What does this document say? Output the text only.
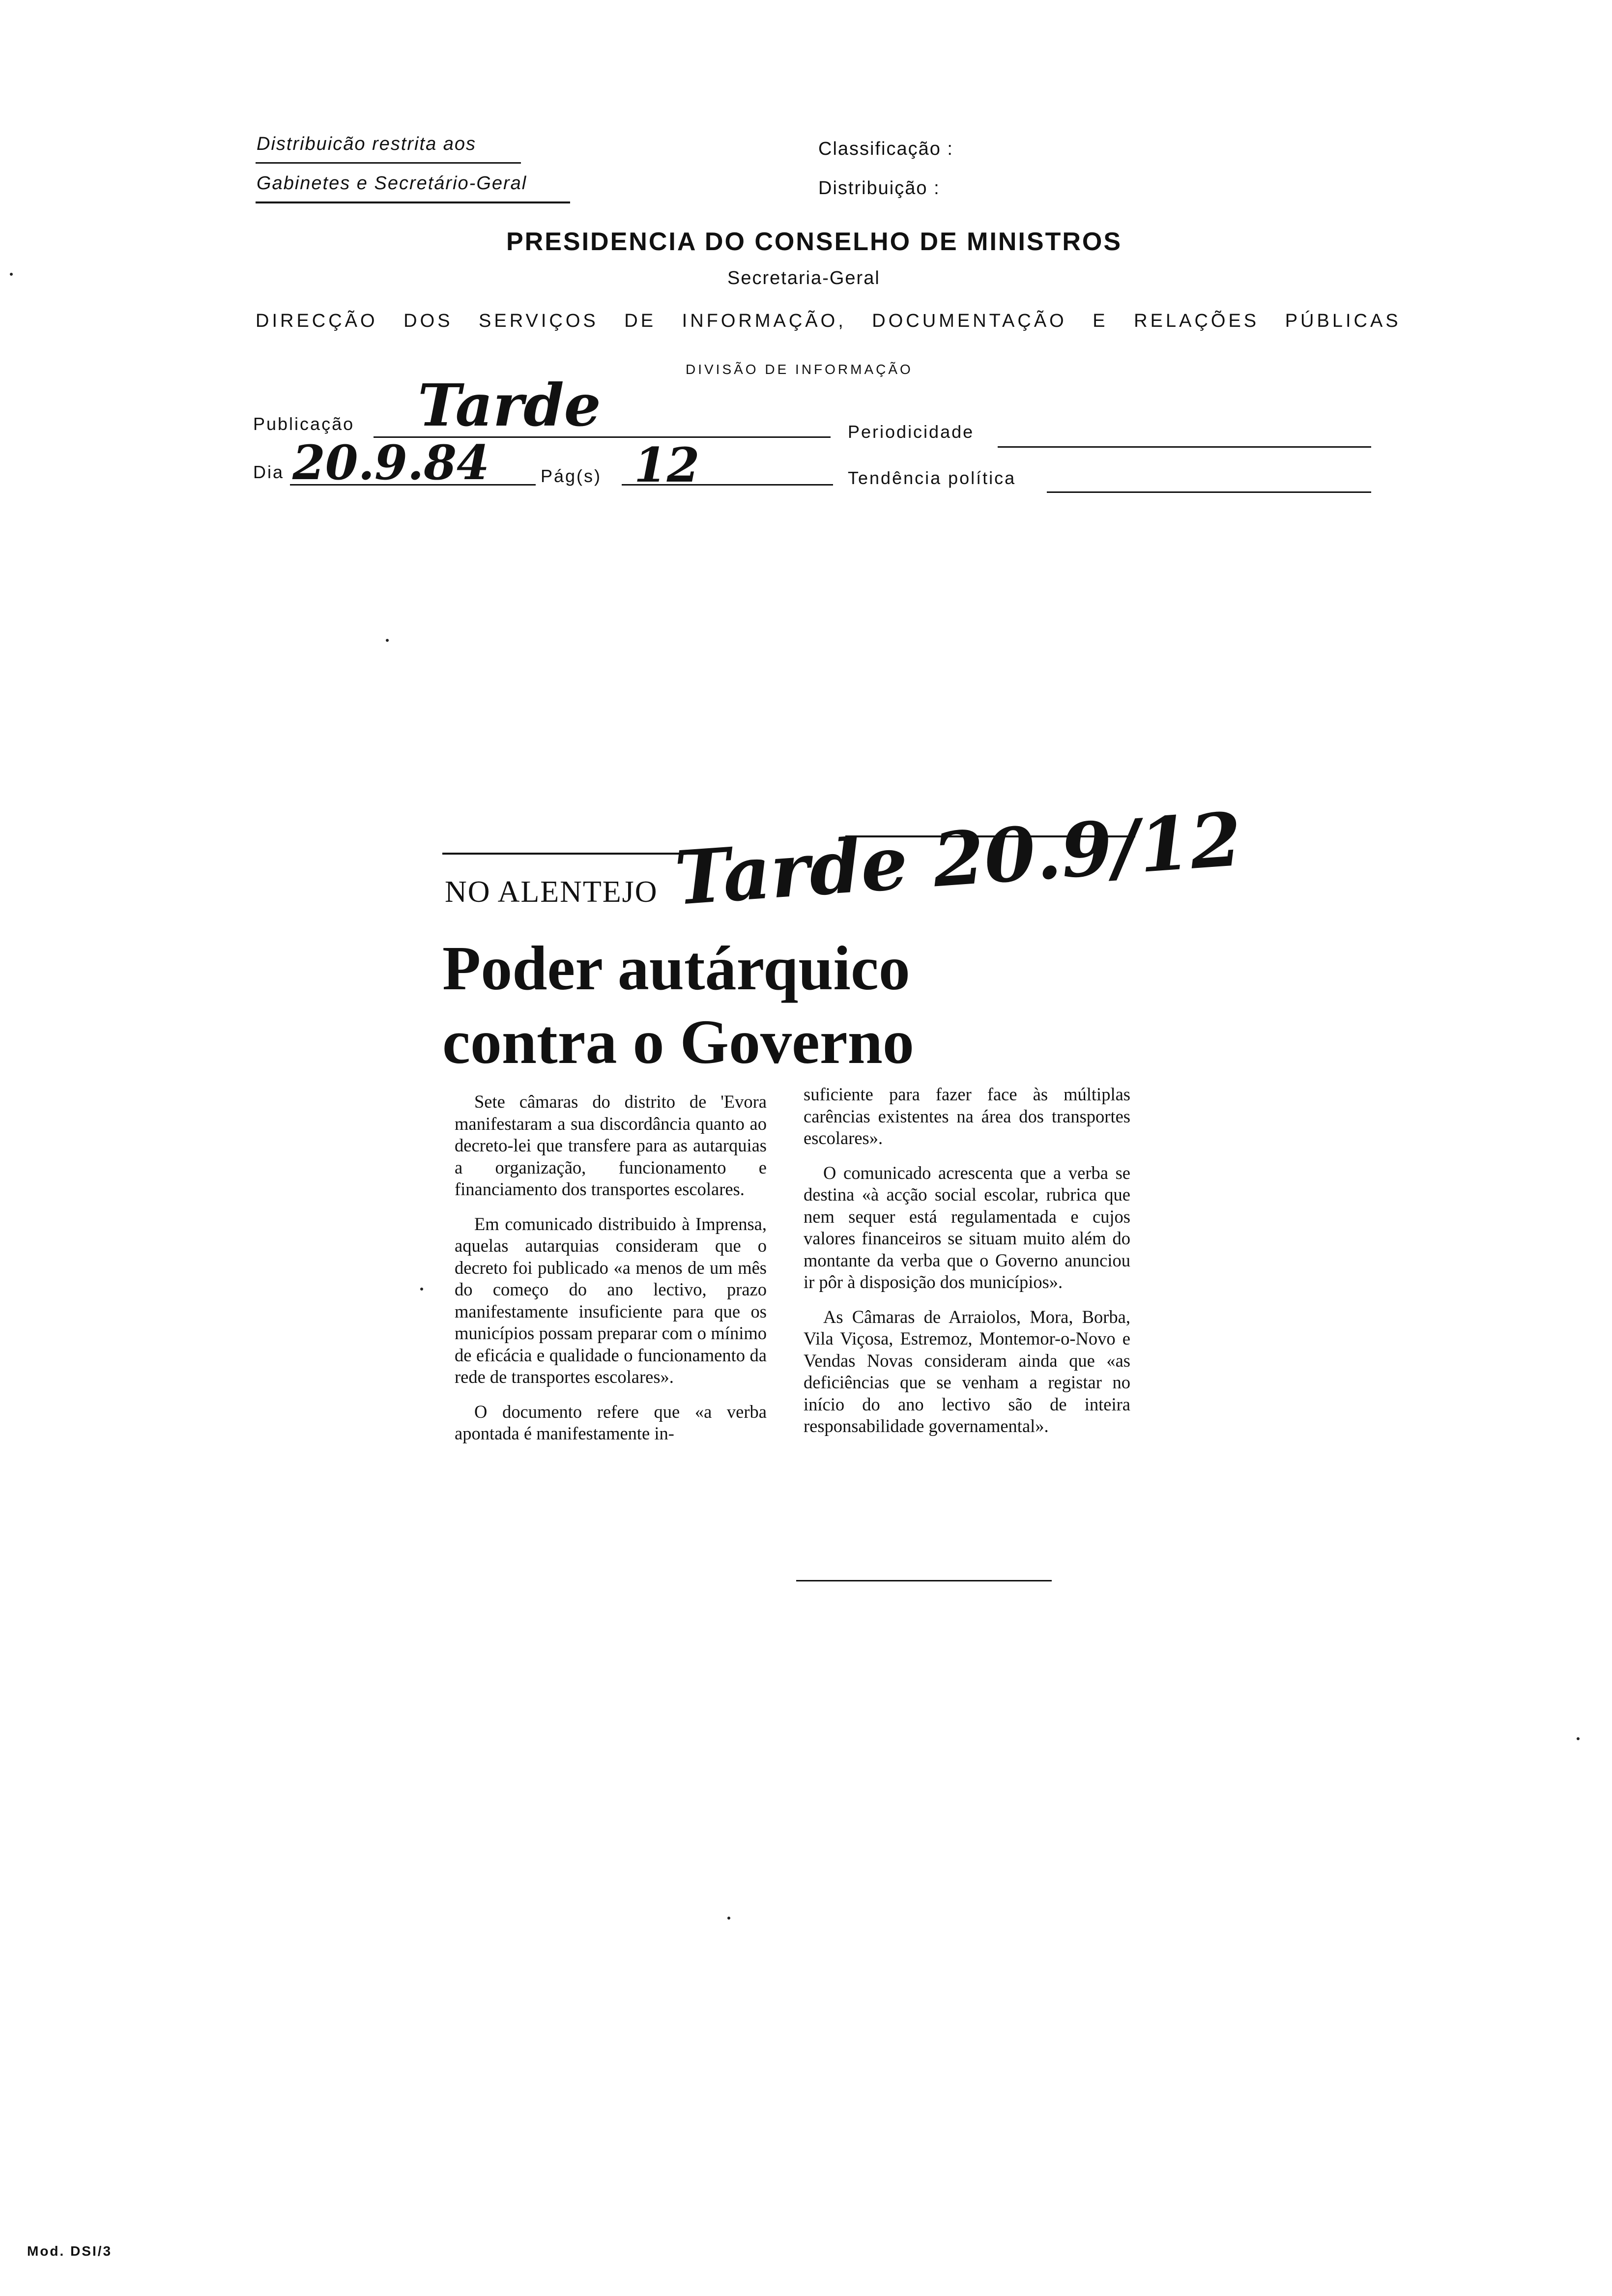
Distribuicão restrita aos
Gabinetes e Secretário-Geral
Classificação :
Distribuição :
PRESIDENCIA DO CONSELHO DE MINISTROS
Secretaria-Geral
DIRECÇÃO DOS SERVIÇOS DE INFORMAÇÃO, DOCUMENTAÇÃO E RELAÇÕES PÚBLICAS
DIVISÃO DE INFORMAÇÃO
Publicação Tarde	Periodicidade
Dia 20.9.84	Pág(s) 12	Tendência política
NO ALENTEJO Tarde 20.9/12
Poder autárquico
contra o Governo

Sete câmaras do distrito de 'Evora manifestaram a sua discordância quanto ao decreto-lei que transfere para as autarquias a organização, funcionamento e financiamento dos transportes escolares.

Em comunicado distribuido à Imprensa, aquelas autarquias consideram que o decreto foi publicado «a menos de um mês do começo do ano lectivo, prazo manifestamente insuficiente para que os municípios possam preparar com o mínimo de eficácia e qualidade o funcionamento da rede de transportes escolares».

O documento refere que «a verba apontada é manifestamente in-

suficiente para fazer face às múltiplas carências existentes na área dos transportes escolares».

O comunicado acrescenta que a verba se destina «à acção social escolar, rubrica que nem sequer está regulamentada e cujos valores financeiros se situam muito além do montante da verba que o Governo anunciou ir pôr à disposição dos municípios».

As Câmaras de Arraiolos, Mora, Borba, Vila Viçosa, Estremoz, Montemor-o-Novo e Vendas Novas consideram ainda que «as deficiências que se venham a registar no início do ano lectivo são de inteira responsabilidade governamental».

Mod. DSI/3
